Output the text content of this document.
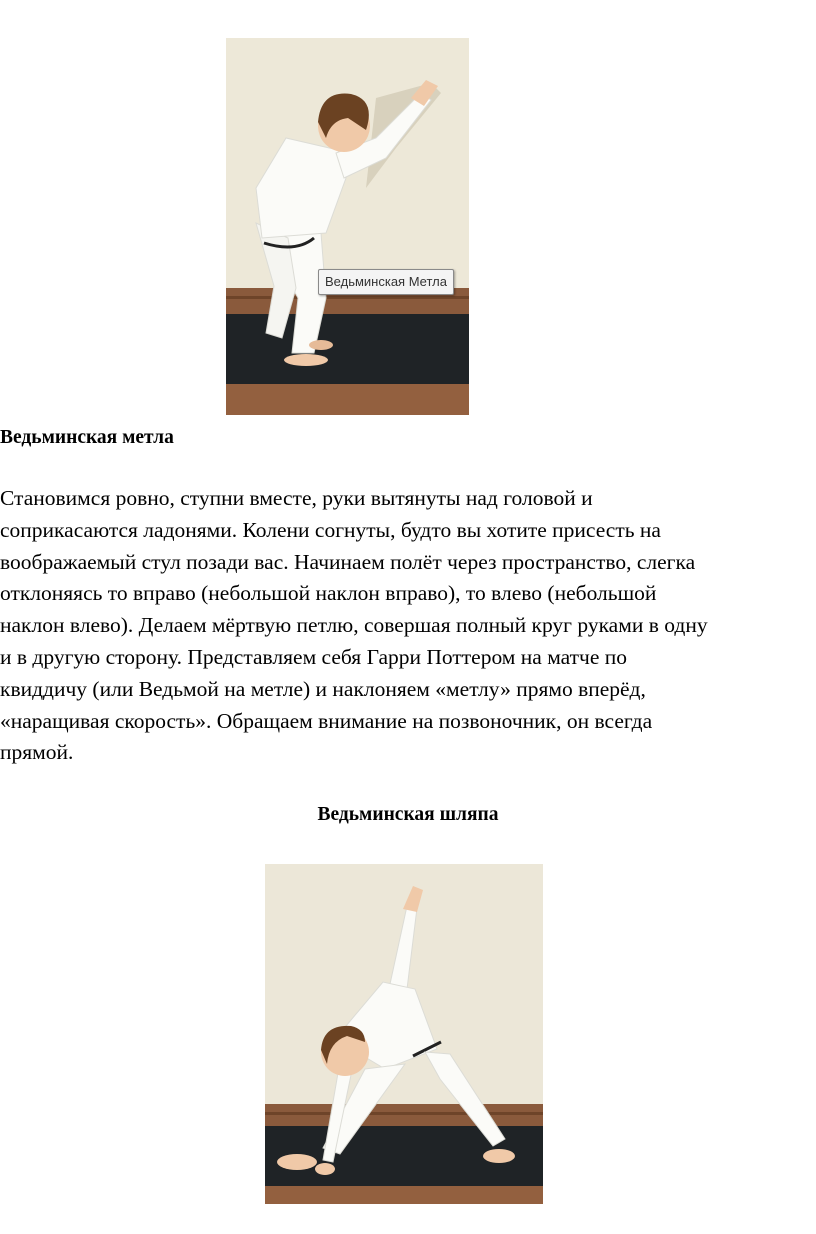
Ведьминская Метла
Ведьминская метла
Становимся ровно, ступни вместе, руки вытянуты над головой и
соприкасаются ладонями. Колени согнуты, будто вы хотите присесть на
воображаемый стул позади вас. Начинаем полёт через пространство, слегка
отклоняясь то вправо (небольшой наклон вправо), то влево (небольшой
наклон влево). Делаем мёртвую петлю, совершая полный круг руками в одну
и в другую сторону. Представляем себя Гарри Поттером на матче по
квиддичу (или Ведьмой на метле) и наклоняем «метлу» прямо вперёд,
«наращивая скорость». Обращаем внимание на позвоночник, он всегда
прямой.
Ведьминская шляпа
